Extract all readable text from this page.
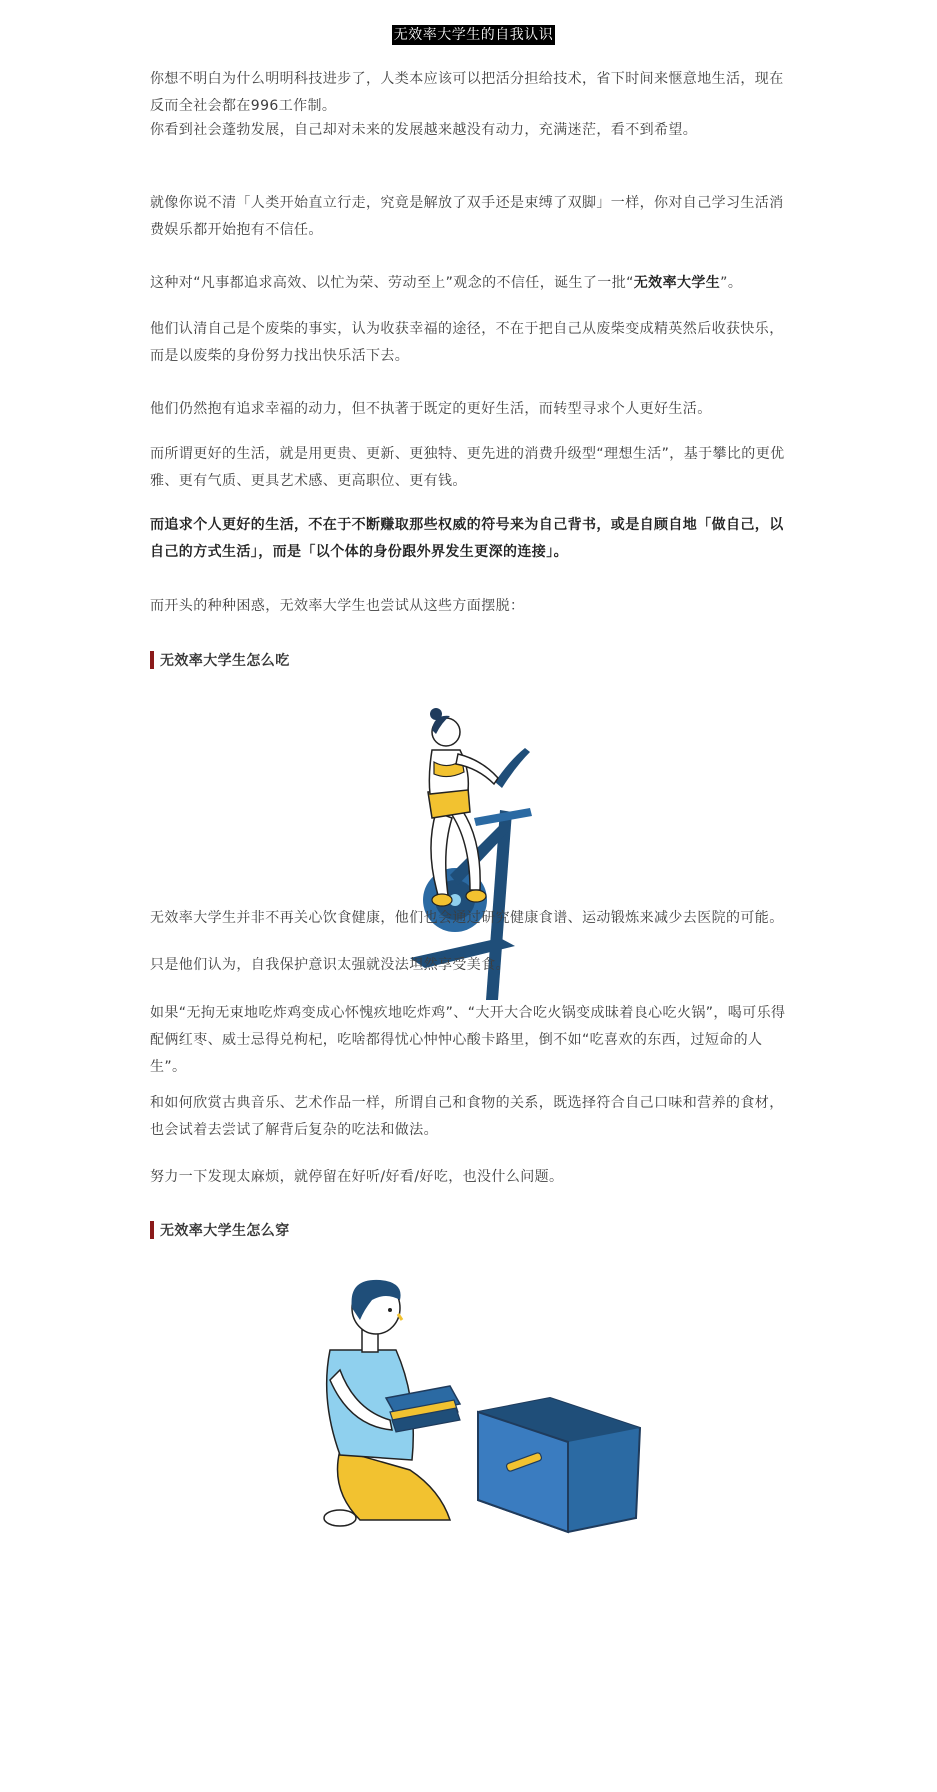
无效率大学生的自我认识

你想不明白为什么明明科技进步了，人类本应该可以把活分担给技术，省下时间来惬意地生活，现在反而全社会都在996工作制。

你看到社会蓬勃发展，自己却对未来的发展越来越没有动力，充满迷茫，看不到希望。

就像你说不清「人类开始直立行走，究竟是解放了双手还是束缚了双脚」一样，你对自己学习生活消费娱乐都开始抱有不信任。

这种对“凡事都追求高效、以忙为荣、劳动至上”观念的不信任，诞生了一批“无效率大学生”。

他们认清自己是个废柴的事实，认为收获幸福的途径，不在于把自己从废柴变成精英然后收获快乐，而是以废柴的身份努力找出快乐活下去。

他们仍然抱有追求幸福的动力，但不执著于既定的更好生活，而转型寻求个人更好生活。

而所谓更好的生活，就是用更贵、更新、更独特、更先进的消费升级型“理想生活”，基于攀比的更优雅、更有气质、更具艺术感、更高职位、更有钱。

而追求个人更好的生活，不在于不断赚取那些权威的符号来为自己背书，或是自顾自地「做自己，以自己的方式生活」，而是「以个体的身份跟外界发生更深的连接」。

而开头的种种困惑，无效率大学生也尝试从这些方面摆脱：

无效率大学生怎么吃

无效率大学生并非不再关心饮食健康，他们也会通过研究健康食谱、运动锻炼来减少去医院的可能。

只是他们认为，自我保护意识太强就没法坦然享受美食。

如果“无拘无束地吃炸鸡变成心怀愧疚地吃炸鸡”、“大开大合吃火锅变成昧着良心吃火锅”，喝可乐得配俩红枣、威士忌得兑枸杞，吃啥都得忧心忡忡心酸卡路里，倒不如“吃喜欢的东西，过短命的人生”。

和如何欣赏古典音乐、艺术作品一样，所谓自己和食物的关系，既选择符合自己口味和营养的食材，也会试着去尝试了解背后复杂的吃法和做法。

努力一下发现太麻烦，就停留在好听/好看/好吃，也没什么问题。

无效率大学生怎么穿
